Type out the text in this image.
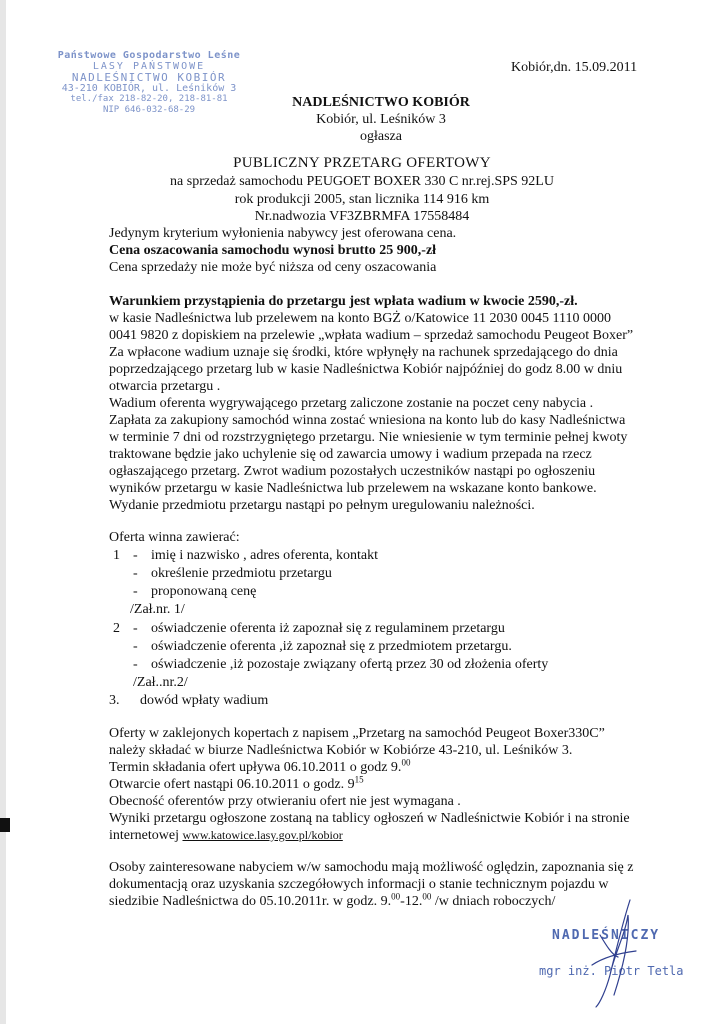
Państwowe Gospodarstwo Leśne
LASY PAŃSTWOWE
NADLEŚNICTWO KOBIÓR
43-210 KOBIÓR, ul. Leśników 3
tel./fax 218-82-20, 218-81-81
NIP 646-032-68-29
Kobiór,dn. 15.09.2011
NADLEŚNICTWO KOBIÓR
Kobiór, ul. Leśników 3
ogłasza
PUBLICZNY PRZETARG OFERTOWY
na sprzedaż samochodu PEUGOET BOXER 330 C nr.rej.SPS 92LU
rok produkcji 2005, stan licznika 114 916 km
Nr.nadwozia VF3ZBRMFA 17558484
Jedynym kryterium wyłonienia nabywcy jest oferowana cena.
Cena oszacowania samochodu wynosi brutto 25 900,-zł
Cena sprzedaży nie może być niższa od ceny oszacowania
Warunkiem przystąpienia do przetargu jest wpłata wadium w kwocie 2590,-zł.
w kasie Nadleśnictwa lub przelewem na konto BGŻ o/Katowice 11 2030 0045 1110 0000
0041 9820 z dopiskiem na przelewie „wpłata wadium – sprzedaż samochodu Peugeot Boxer”
Za wpłacone wadium uznaje się środki, które wpłynęły na rachunek sprzedającego do dnia
poprzedzającego przetarg lub w kasie Nadleśnictwa Kobiór najpóźniej do godz 8.00 w dniu
otwarcia przetargu .
Wadium oferenta wygrywającego przetarg zaliczone zostanie na poczet ceny nabycia .
Zapłata za zakupiony samochód winna zostać wniesiona na konto lub do kasy Nadleśnictwa
w terminie 7 dni od rozstrzygniętego przetargu. Nie wniesienie w tym terminie pełnej kwoty
traktowane będzie jako uchylenie się od zawarcia umowy i wadium przepada na rzecz
ogłaszającego przetarg. Zwrot wadium pozostałych uczestników nastąpi po ogłoszeniu
wyników przetargu w kasie Nadleśnictwa lub przelewem na wskazane konto bankowe.
Wydanie przedmiotu przetargu nastąpi po pełnym uregulowaniu należności.
Oferta winna zawierać:
1 - imię i nazwisko , adres oferenta, kontakt
- określenie przedmiotu przetargu
- proponowaną cenę
/Zał.nr. 1/
2 - oświadczenie oferenta iż zapoznał się z regulaminem przetargu
- oświadczenie oferenta ,iż zapoznał się z przedmiotem przetargu.
- oświadczenie ,iż pozostaje związany ofertą przez 30 od złożenia oferty
/Zał..nr.2/
3. dowód wpłaty wadium
Oferty w zaklejonych kopertach z napisem „Przetarg na samochód Peugeot Boxer330C”
należy składać w biurze Nadleśnictwa Kobiór w Kobiórze 43-210, ul. Leśników 3.
Termin składania ofert upływa 06.10.2011 o godz 9.00
Otwarcie ofert nastąpi 06.10.2011 o godz. $9^{15}$
Obecność oferentów przy otwieraniu ofert nie jest wymagana .
Wyniki przetargu ogłoszone zostaną na tablicy ogłoszeń w Nadleśnictwie Kobiór i na stronie
internetowej www.katowice.lasy.gov.pl/kobior
Osoby zainteresowane nabyciem w/w samochodu mają możliwość oględzin, zapoznania się z
dokumentacją oraz uzyskania szczegółowych informacji o stanie technicznym pojazdu w
siedzibie Nadleśnictwa do 05.10.2011r. w godz. 9.00-12.00 /w dniach roboczych/
NADLEŚNICZY
mgr inż. Piotr Tetla
